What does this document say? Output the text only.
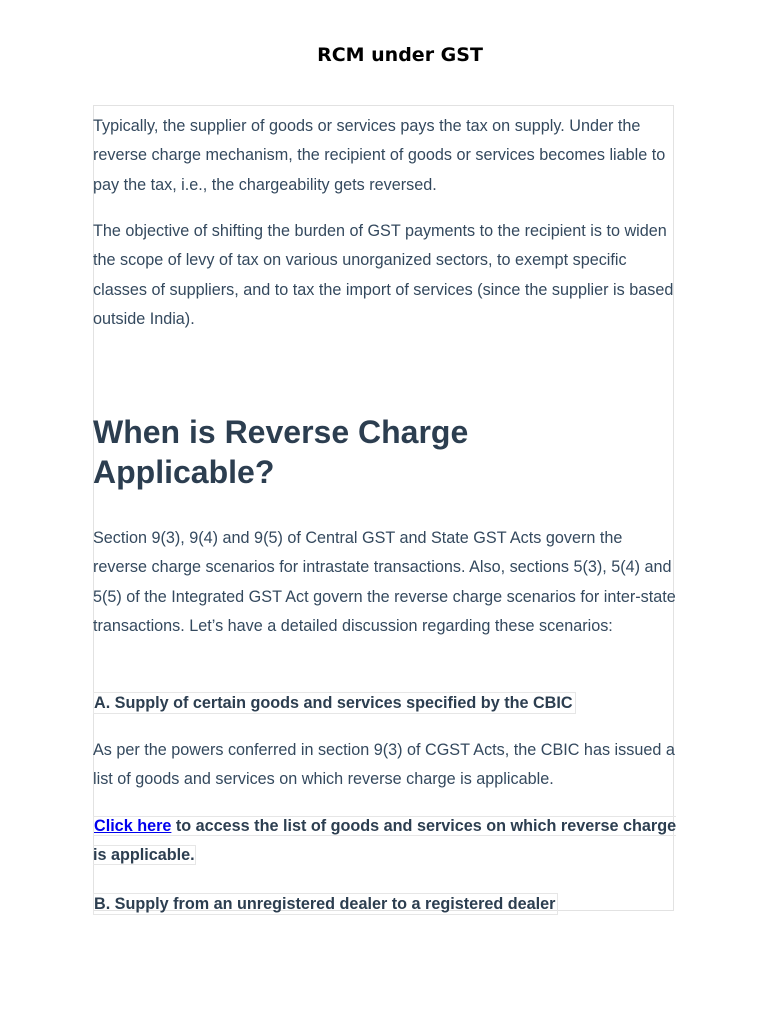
RCM under GST

Typically, the supplier of goods or services pays the tax on supply. Under the reverse charge mechanism, the recipient of goods or services becomes liable to pay the tax, i.e., the chargeability gets reversed.

The objective of shifting the burden of GST payments to the recipient is to widen the scope of levy of tax on various unorganized sectors, to exempt specific classes of suppliers, and to tax the import of services (since the supplier is based outside India).

When is Reverse Charge Applicable?

Section 9(3), 9(4) and 9(5) of Central GST and State GST Acts govern the reverse charge scenarios for intrastate transactions. Also, sections 5(3), 5(4) and 5(5) of the Integrated GST Act govern the reverse charge scenarios for inter-state transactions. Let’s have a detailed discussion regarding these scenarios:

A. Supply of certain goods and services specified by the CBIC

As per the powers conferred in section 9(3) of CGST Acts, the CBIC has issued a list of goods and services on which reverse charge is applicable.

Click here to access the list of goods and services on which reverse charge is applicable.

B. Supply from an unregistered dealer to a registered dealer
